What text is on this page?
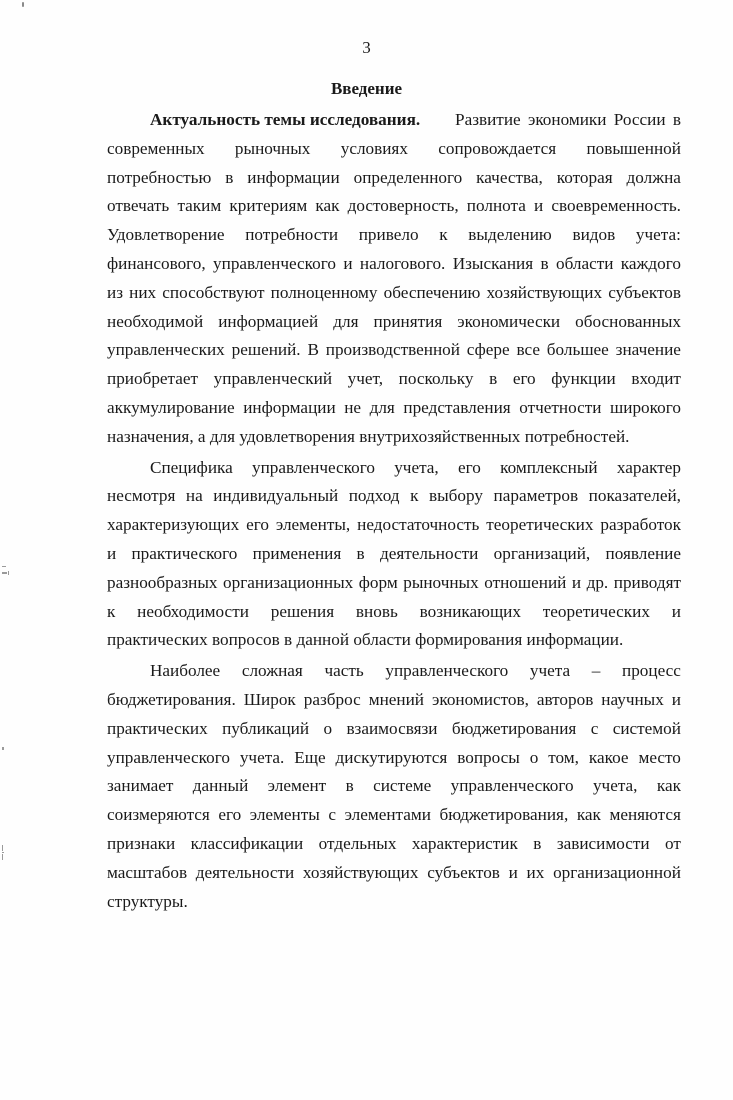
3
Введение
Актуальность темы исследования. Развитие экономики России в
современных рыночных условиях сопровождается повышенной
потребностью в информации определенного качества, которая должна
отвечать таким критериям как достоверность, полнота и своевременность.
Удовлетворение потребности привело к выделению видов учета:
финансового, управленческого и налогового. Изыскания в области каждого
из них способствуют полноценному обеспечению хозяйствующих субъектов
необходимой информацией для принятия экономически обоснованных
управленческих решений. В производственной сфере все большее значение
приобретает управленческий учет, поскольку в его функции входит
аккумулирование информации не для представления отчетности широкого
назначения, а для удовлетворения внутрихозяйственных потребностей.
Специфика управленческого учета, его комплексный характер
несмотря на индивидуальный подход к выбору параметров показателей,
характеризующих его элементы, недостаточность теоретических разработок
и практического применения в деятельности организаций, появление
разнообразных организационных форм рыночных отношений и др. приводят
к необходимости решения вновь возникающих теоретических и
практических вопросов в данной области формирования информации.
Наиболее сложная часть управленческого учета – процесс
бюджетирования. Широк разброс мнений экономистов, авторов научных и
практических публикаций о взаимосвязи бюджетирования с системой
управленческого учета. Еще дискутируются вопросы о том, какое место
занимает данный элемент в системе управленческого учета, как
соизмеряются его элементы с элементами бюджетирования, как меняются
признаки классификации отдельных характеристик в зависимости от
масштабов деятельности хозяйствующих субъектов и их организационной
структуры.
